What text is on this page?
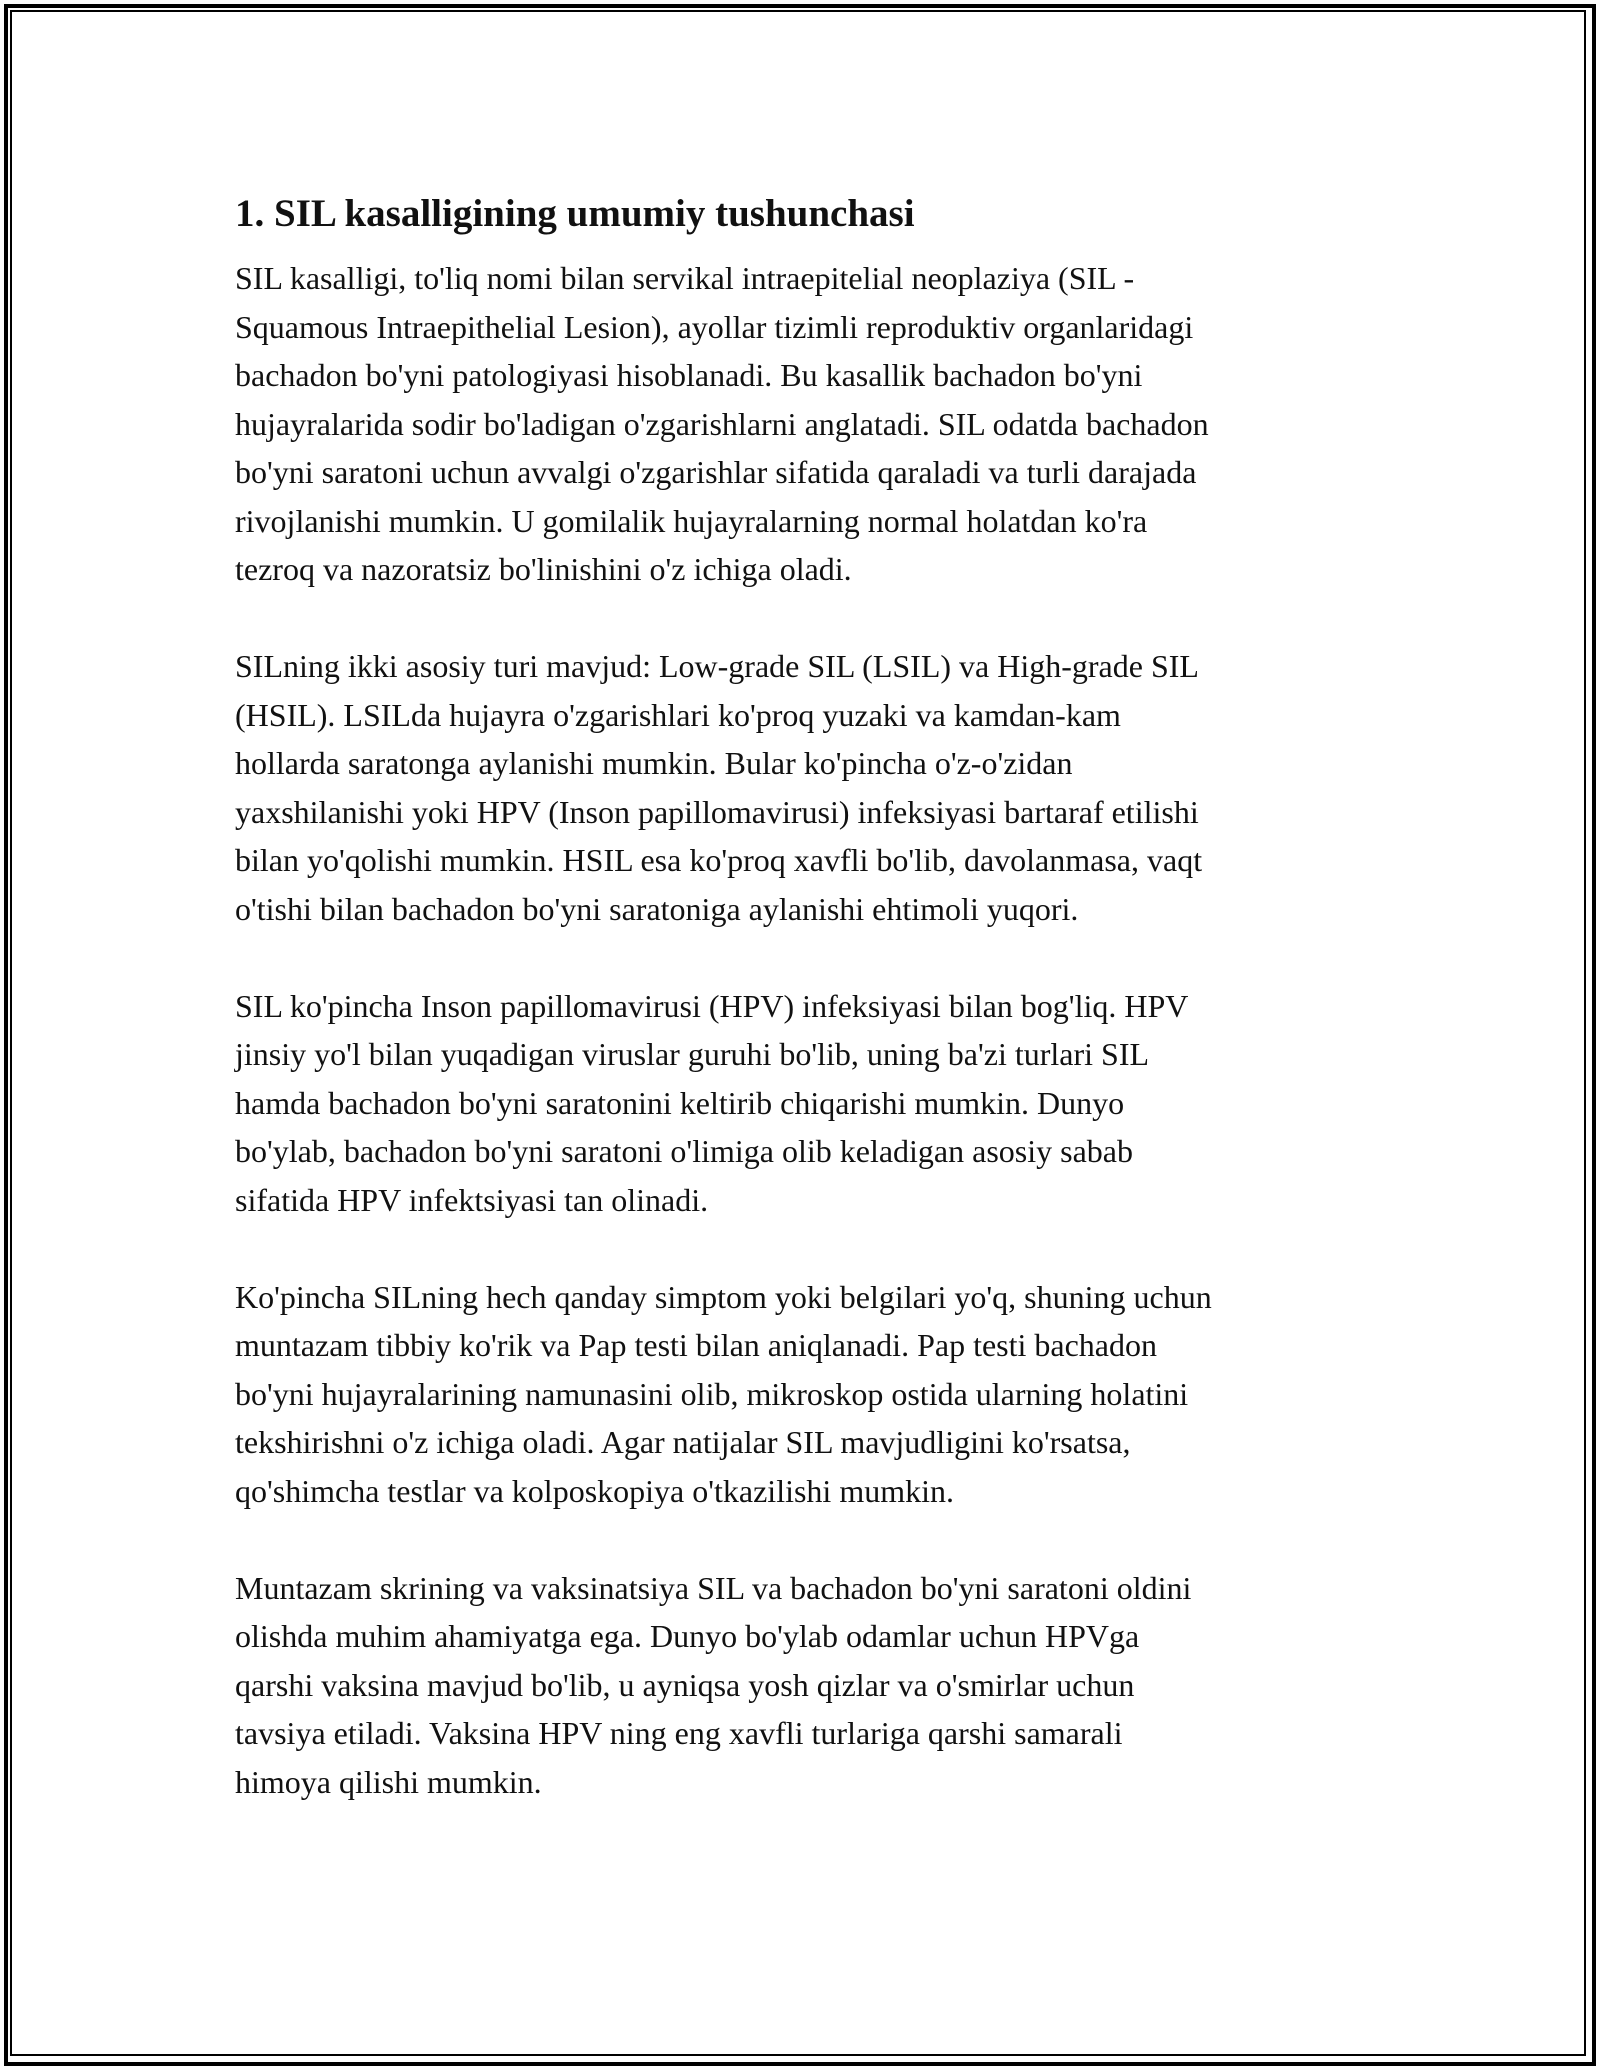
1. SIL kasalligining umumiy tushunchasi

SIL kasalligi, to'liq nomi bilan servikal intraepitelial neoplaziya (SIL -
Squamous Intraepithelial Lesion), ayollar tizimli reproduktiv organlaridagi
bachadon bo'yni patologiyasi hisoblanadi. Bu kasallik bachadon bo'yni
hujayralarida sodir bo'ladigan o'zgarishlarni anglatadi. SIL odatda bachadon
bo'yni saratoni uchun avvalgi o'zgarishlar sifatida qaraladi va turli darajada
rivojlanishi mumkin. U gomilalik hujayralarning normal holatdan ko'ra
tezroq va nazoratsiz bo'linishini o'z ichiga oladi.

SILning ikki asosiy turi mavjud: Low-grade SIL (LSIL) va High-grade SIL
(HSIL). LSILda hujayra o'zgarishlari ko'proq yuzaki va kamdan-kam
hollarda saratonga aylanishi mumkin. Bular ko'pincha o'z-o'zidan
yaxshilanishi yoki HPV (Inson papillomavirusi) infeksiyasi bartaraf etilishi
bilan yo'qolishi mumkin. HSIL esa ko'proq xavfli bo'lib, davolanmasa, vaqt
o'tishi bilan bachadon bo'yni saratoniga aylanishi ehtimoli yuqori.

SIL ko'pincha Inson papillomavirusi (HPV) infeksiyasi bilan bog'liq. HPV
jinsiy yo'l bilan yuqadigan viruslar guruhi bo'lib, uning ba'zi turlari SIL
hamda bachadon bo'yni saratonini keltirib chiqarishi mumkin. Dunyo
bo'ylab, bachadon bo'yni saratoni o'limiga olib keladigan asosiy sabab
sifatida HPV infektsiyasi tan olinadi.

Ko'pincha SILning hech qanday simptom yoki belgilari yo'q, shuning uchun
muntazam tibbiy ko'rik va Pap testi bilan aniqlanadi. Pap testi bachadon
bo'yni hujayralarining namunasini olib, mikroskop ostida ularning holatini
tekshirishni o'z ichiga oladi. Agar natijalar SIL mavjudligini ko'rsatsa,
qo'shimcha testlar va kolposkopiya o'tkazilishi mumkin.

Muntazam skrining va vaksinatsiya SIL va bachadon bo'yni saratoni oldini
olishda muhim ahamiyatga ega. Dunyo bo'ylab odamlar uchun HPVga
qarshi vaksina mavjud bo'lib, u ayniqsa yosh qizlar va o'smirlar uchun
tavsiya etiladi. Vaksina HPV ning eng xavfli turlariga qarshi samarali
himoya qilishi mumkin.
